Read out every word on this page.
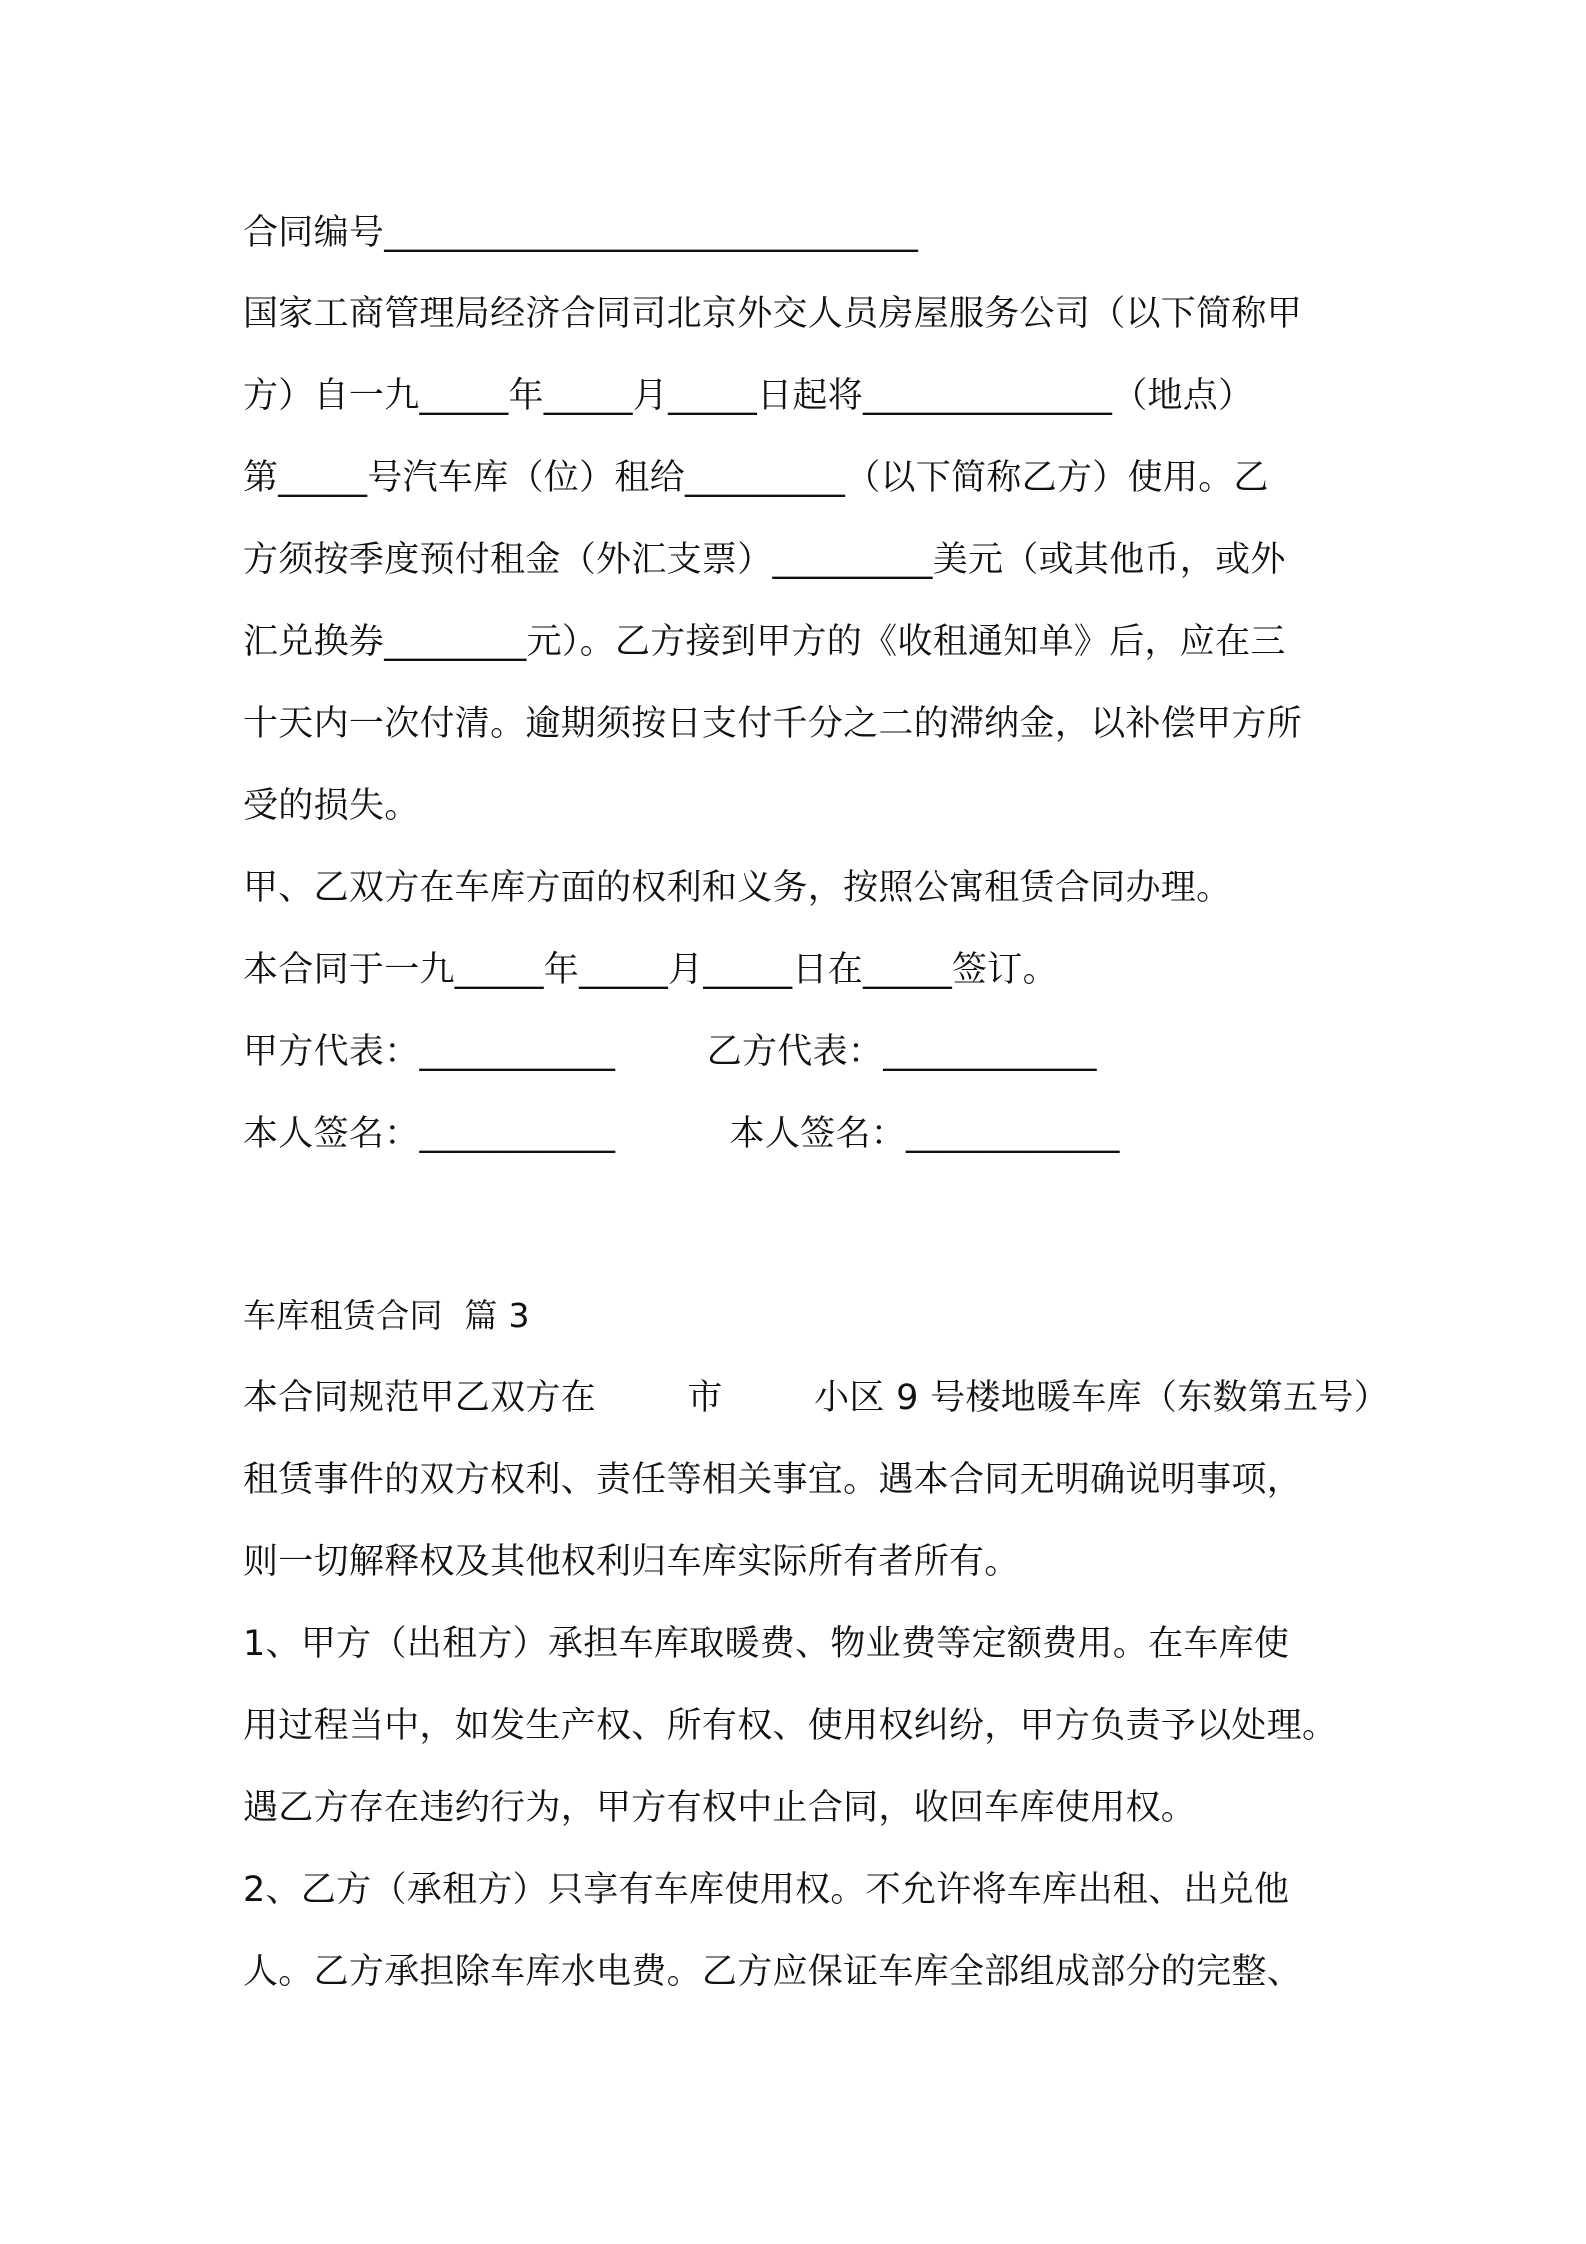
合同编号______________________________
国家工商管理局经济合同司北京外交人员房屋服务公司（以下简称甲
方）自一九_____年_____月_____日起将______________（地点）
第_____号汽车库（位）租给_________（以下简称乙方）使用。乙
方须按季度预付租金（外汇支票）_________美元（或其他币，或外
汇兑换券________元）。乙方接到甲方的《收租通知单》后，应在三
十天内一次付清。逾期须按日支付千分之二的滞纳金，以补偿甲方所
受的损失。
甲、乙双方在车库方面的权利和义务，按照公寓租赁合同办理。
本合同于一九_____年_____月_____日在_____签订。
甲方代表：___________        乙方代表：____________
本人签名：___________          本人签名：____________
车库租赁合同  篇 3
本合同规范甲乙双方在        市        小区 9 号楼地暖车库（东数第五号）
租赁事件的双方权利、责任等相关事宜。遇本合同无明确说明事项，
则一切解释权及其他权利归车库实际所有者所有。
1、甲方（出租方）承担车库取暖费、物业费等定额费用。在车库使
用过程当中，如发生产权、所有权、使用权纠纷，甲方负责予以处理。
遇乙方存在违约行为，甲方有权中止合同，收回车库使用权。
2、乙方（承租方）只享有车库使用权。不允许将车库出租、出兑他
人。乙方承担除车库水电费。乙方应保证车库全部组成部分的完整、
